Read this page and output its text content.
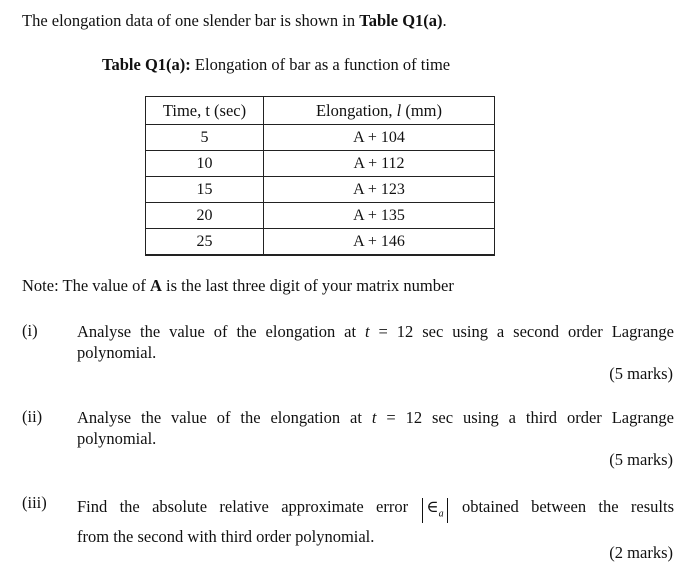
The elongation data of one slender bar is shown in Table Q1(a).
Table Q1(a): Elongation of bar as a function of time
Time, t (sec)	Elongation, l (mm)
5	A + 104
10	A + 112
15	A + 123
20	A + 135
25	A + 146
Note: The value of A is the last three digit of your matrix number
(i) Analyse the value of the elongation at t = 12 sec using a second order Lagrange
polynomial.
(5 marks)
(ii) Analyse the value of the elongation at t = 12 sec using a third order Lagrange
polynomial.
(5 marks)
(iii) Find the absolute relative approximate error $\in_a$ obtained between the results
from the second with third order polynomial.
(2 marks)
